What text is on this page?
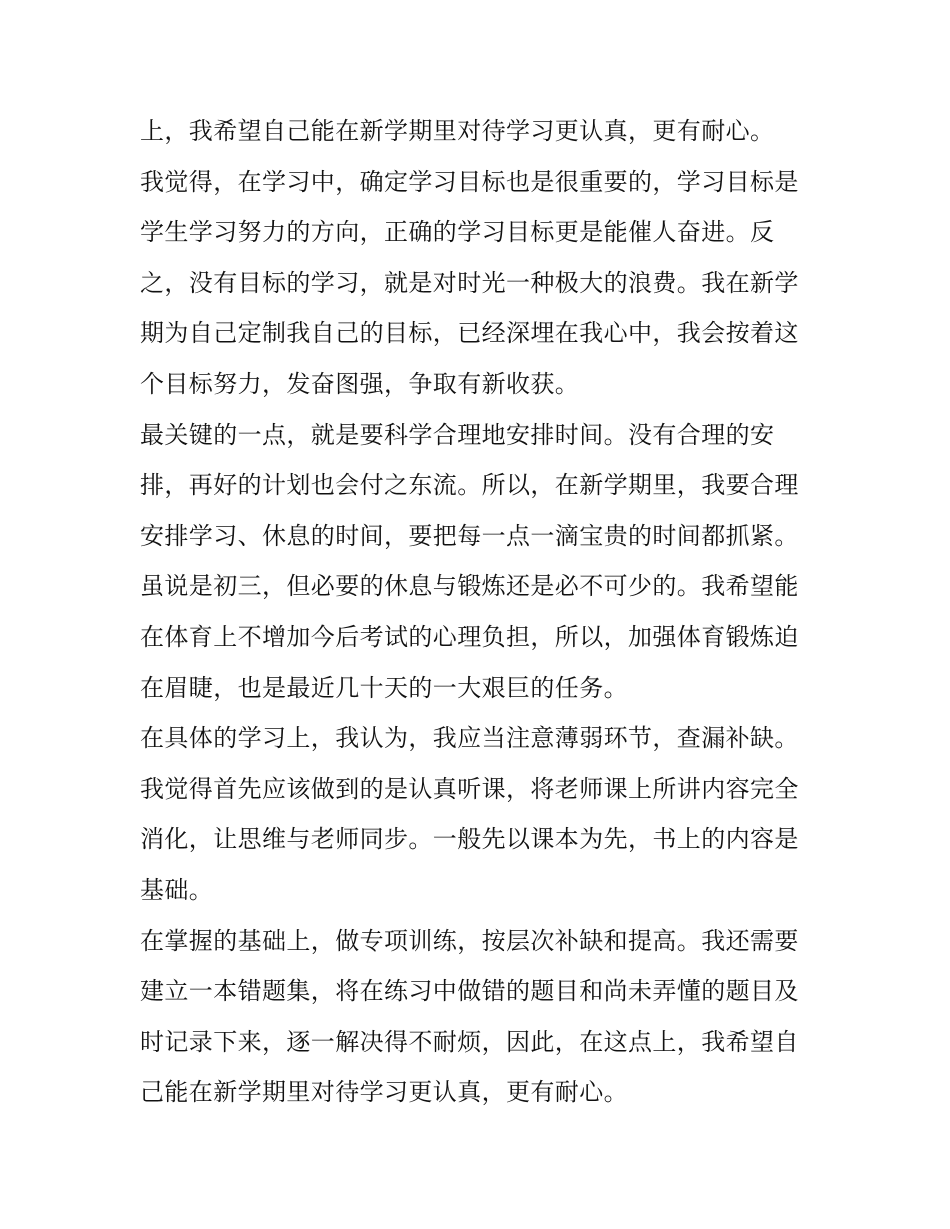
上，我希望自己能在新学期里对待学习更认真，更有耐心。
我觉得，在学习中，确定学习目标也是很重要的，学习目标是
学生学习努力的方向，正确的学习目标更是能催人奋进。反
之，没有目标的学习，就是对时光一种极大的浪费。我在新学
期为自己定制我自己的目标，已经深埋在我心中，我会按着这
个目标努力，发奋图强，争取有新收获。
最关键的一点，就是要科学合理地安排时间。没有合理的安
排，再好的计划也会付之东流。所以，在新学期里，我要合理
安排学习、休息的时间，要把每一点一滴宝贵的时间都抓紧。
虽说是初三，但必要的休息与锻炼还是必不可少的。我希望能
在体育上不增加今后考试的心理负担，所以，加强体育锻炼迫
在眉睫，也是最近几十天的一大艰巨的任务。
在具体的学习上，我认为，我应当注意薄弱环节，查漏补缺。
我觉得首先应该做到的是认真听课，将老师课上所讲内容完全
消化，让思维与老师同步。一般先以课本为先，书上的内容是
基础。
在掌握的基础上，做专项训练，按层次补缺和提高。我还需要
建立一本错题集，将在练习中做错的题目和尚未弄懂的题目及
时记录下来，逐一解决得不耐烦，因此，在这点上，我希望自
己能在新学期里对待学习更认真，更有耐心。
